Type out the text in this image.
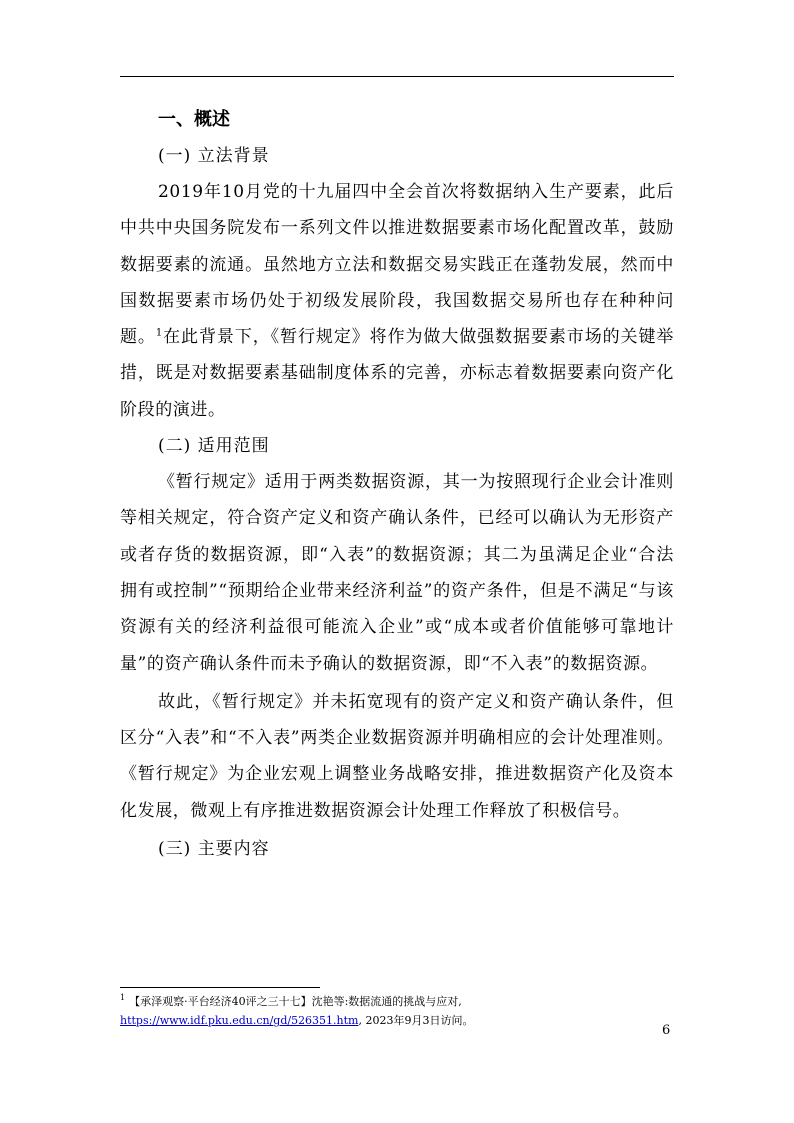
一、概述
(一) 立法背景

2019年10月党的十九届四中全会首次将数据纳入生产要素，此后中共中央国务院发布一系列文件以推进数据要素市场化配置改革，鼓励数据要素的流通。虽然地方立法和数据交易实践正在蓬勃发展，然而中国数据要素市场仍处于初级发展阶段，我国数据交易所也存在种种问题。$^1$在此背景下，《暂行规定》将作为做大做强数据要素市场的关键举措，既是对数据要素基础制度体系的完善，亦标志着数据要素向资产化阶段的演进。

(二) 适用范围

《暂行规定》适用于两类数据资源，其一为按照现行企业会计准则等相关规定，符合资产定义和资产确认条件，已经可以确认为无形资产或者存货的数据资源，即“入表”的数据资源；其二为虽满足企业“合法拥有或控制”“预期给企业带来经济利益”的资产条件，但是不满足“与该资源有关的经济利益很可能流入企业”或“成本或者价值能够可靠地计量”的资产确认条件而未予确认的数据资源，即“不入表”的数据资源。

故此，《暂行规定》并未拓宽现有的资产定义和资产确认条件，但区分“入表”和“不入表”两类企业数据资源并明确相应的会计处理准则。《暂行规定》为企业宏观上调整业务战略安排，推进数据资产化及资本化发展，微观上有序推进数据资源会计处理工作释放了积极信号。

(三) 主要内容
$^1$ 【承泽观察·平台经济40评之三十七】沈艳等:数据流通的挑战与应对,
https://www.idf.pku.edu.cn/gd/526351.htm, 2023年9月3日访问。
6
